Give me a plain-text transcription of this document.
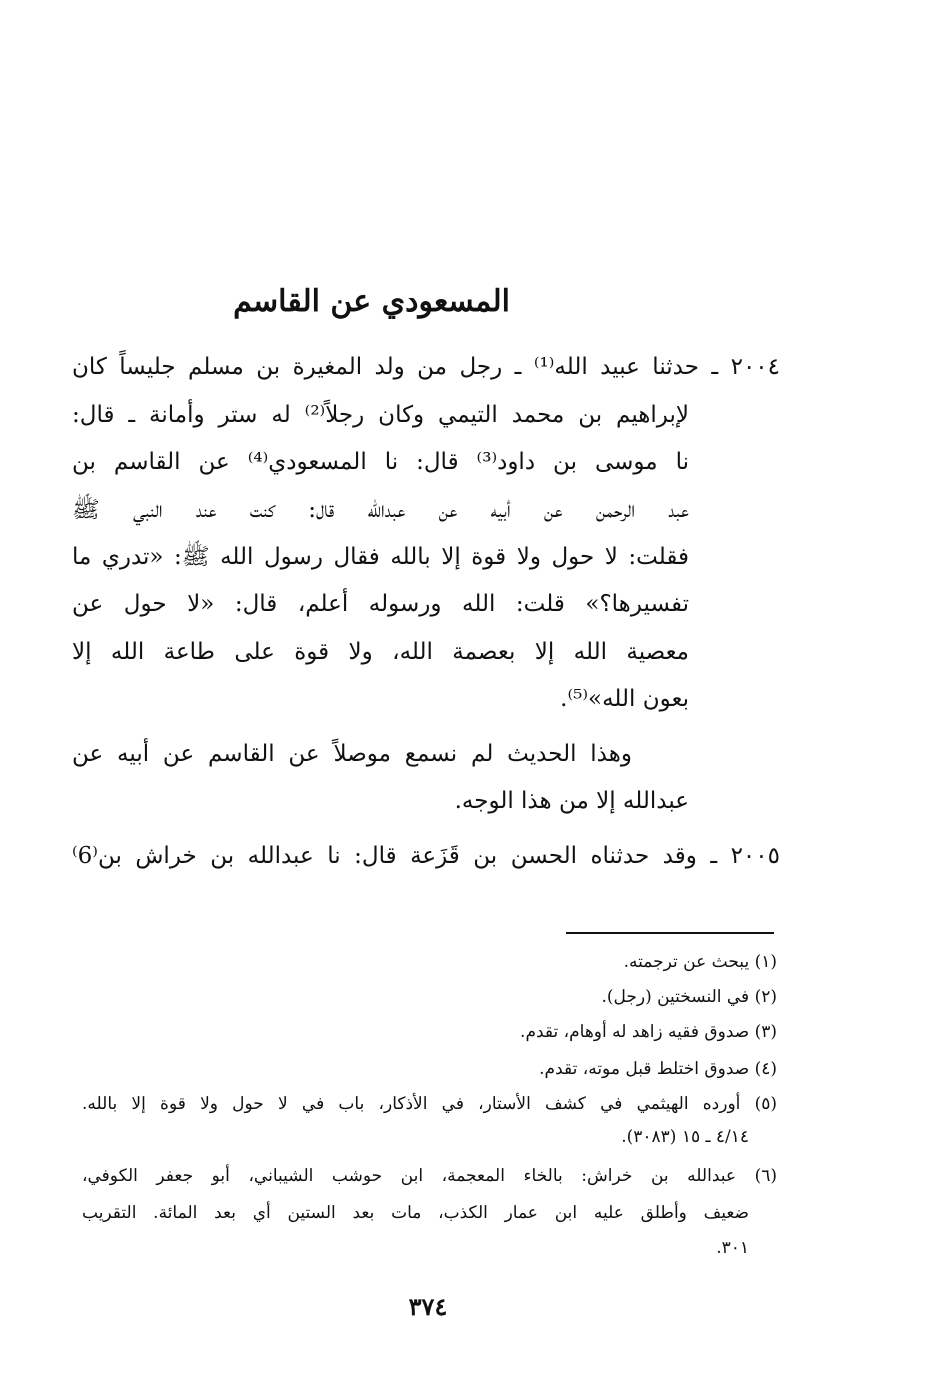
المسعودي عن القاسم
٢٠٠٤ ـ حدثنا عبيد الله⁽¹⁾ ـ رجل من ولد المغيرة بن مسلم جليساً كان
لإبراهيم بن محمد التيمي وكان رجلاً⁽²⁾ له ستر وأمانة ـ قال:
نا موسى بن داود⁽³⁾ قال: نا المسعودي⁽⁴⁾ عن القاسم بن
عبد الرحمن عن أبيه عن عبدالله قال: كنت عند النبي ﷺ
فقلت: لا حول ولا قوة إلا بالله فقال رسول الله ﷺ: «تدري ما
تفسيرها؟» قلت: الله ورسوله أعلم، قال: «لا حول عن
معصية الله إلا بعصمة الله، ولا قوة على طاعة الله إلا
بعون الله»⁽⁵⁾.
وهذا الحديث لم نسمع موصلاً عن القاسم عن أبيه عن
عبدالله إلا من هذا الوجه.
٢٠٠٥ ـ وقد حدثناه الحسن بن قَزَعة قال: نا عبدالله بن خراش بن⁽6⁾
(١) يبحث عن ترجمته.
(٢) في النسختين (رجل).
(٣) صدوق فقيه زاهد له أوهام، تقدم.
(٤) صدوق اختلط قبل موته، تقدم.
(٥) أورده الهيثمي في كشف الأستار، في الأذكار، باب في لا حول ولا قوة إلا بالله.
٤/١٤ ـ ١٥ (٣٠٨٣).
(٦) عبدالله بن خراش: بالخاء المعجمة، ابن حوشب الشيباني، أبو جعفر الكوفي،
ضعيف وأطلق عليه ابن عمار الكذب، مات بعد الستين أي بعد المائة. التقريب
٣٠١.
٣٧٤
